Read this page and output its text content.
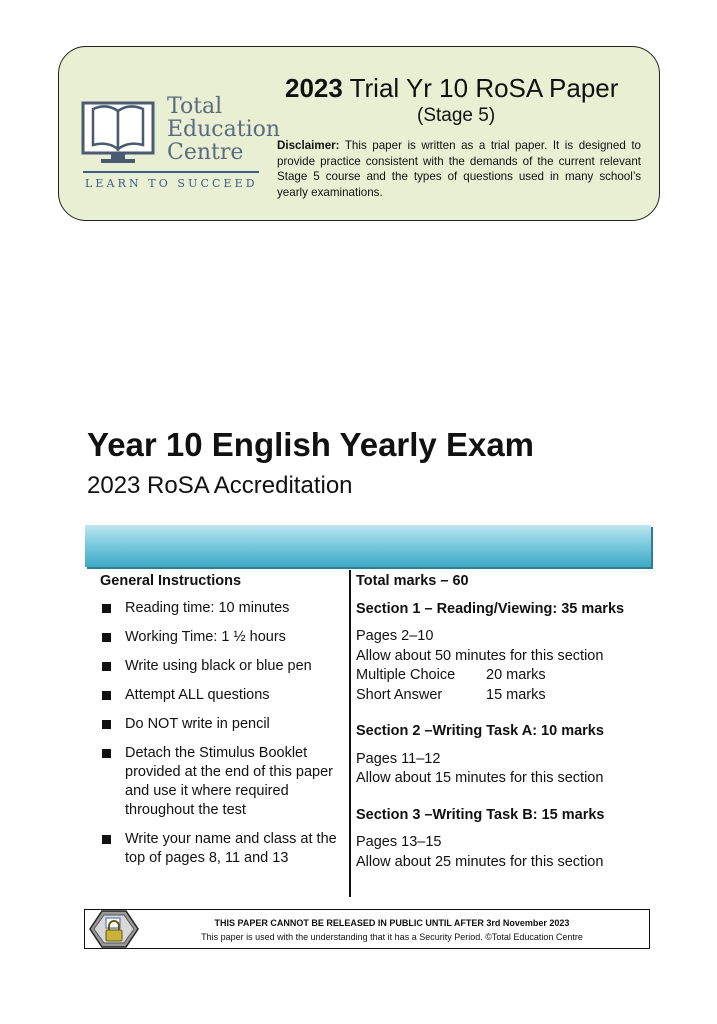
Total
Education
Centre
LEARN TO SUCCEED
2023 Trial Yr 10 RoSA Paper
(Stage 5)
Disclaimer: This paper is written as a trial paper. It is designed to provide practice consistent with the demands of the current relevant Stage 5 course and the types of questions used in many school’s yearly examinations.
Year 10 English Yearly Exam
2023 RoSA Accreditation
General Instructions
Reading time: 10 minutes
Working Time: 1 ½ hours
Write using black or blue pen
Attempt ALL questions
Do NOT write in pencil
Detach the Stimulus Booklet provided at the end of this paper and use it where required throughout the test
Write your name and class at the top of pages 8, 11 and 13
Total marks – 60
Section 1 – Reading/Viewing: 35 marks
Pages 2–10
Allow about 50 minutes for this section
Multiple Choice	20 marks
Short Answer	15 marks
Section 2 –Writing Task A: 10 marks
Pages 11–12
Allow about 15 minutes for this section
Section 3 –Writing Task B: 15 marks
Pages 13–15
Allow about 25 minutes for this section
THIS PAPER CANNOT BE RELEASED IN PUBLIC UNTIL AFTER 3rd November 2023
This paper is used with the understanding that it has a Security Period. ©Total Education Centre
